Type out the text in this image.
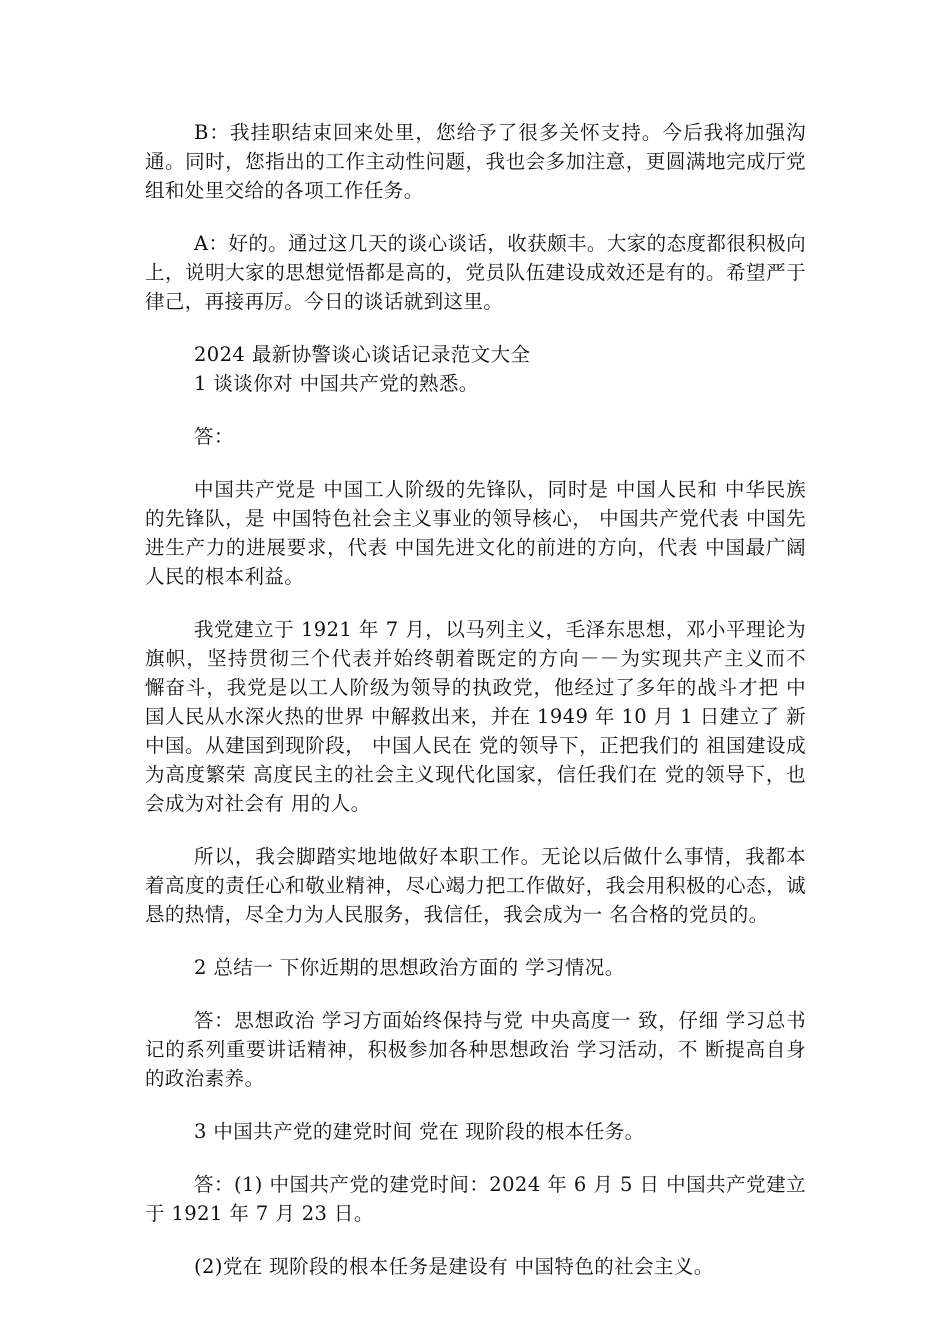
B：我挂职结束回来处里，您给予了很多关怀支持。今后我将加强沟通。同时，您指出的工作主动性问题，我也会多加注意，更圆满地完成厅党组和处里交给的各项工作任务。

A：好的。通过这几天的谈心谈话，收获颇丰。大家的态度都很积极向上，说明大家的思想觉悟都是高的，党员队伍建设成效还是有的。希望严于律己，再接再厉。今日的谈话就到这里。

2024 最新协警谈心谈话记录范文大全

1 谈谈你对 中国共产党的熟悉。

答：

中国共产党是 中国工人阶级的先锋队，同时是 中国人民和 中华民族的先锋队，是 中国特色社会主义事业的领导核心， 中国共产党代表 中国先进生产力的进展要求，代表 中国先进文化的前进的方向，代表 中国最广阔人民的根本利益。

我党建立于 1921 年 7 月，以马列主义，毛泽东思想，邓小平理论为旗帜，坚持贯彻三个代表并始终朝着既定的方向－－为实现共产主义而不 懈奋斗，我党是以工人阶级为领导的执政党，他经过了多年的战斗才把 中国人民从水深火热的世界 中解救出来，并在 1949 年 10 月 1 日建立了 新 中国。从建国到现阶段， 中国人民在 党的领导下，正把我们的 祖国建设成为高度繁荣 高度民主的社会主义现代化国家，信任我们在 党的领导下，也会成为对社会有 用的人。

所以，我会脚踏实地地做好本职工作。无论以后做什么事情，我都本着高度的责任心和敬业精神，尽心竭力把工作做好，我会用积极的心态，诚恳的热情，尽全力为人民服务，我信任，我会成为一 名合格的党员的。

2 总结一 下你近期的思想政治方面的 学习情况。

答：思想政治 学习方面始终保持与党 中央高度一 致，仔细 学习总书记的系列重要讲话精神，积极参加各种思想政治 学习活动，不 断提高自身的政治素养。

3 中国共产党的建党时间 党在 现阶段的根本任务。

答：(1) 中国共产党的建党时间：2024 年 6 月 5 日 中国共产党建立于 1921 年 7 月 23 日。

(2)党在 现阶段的根本任务是建设有 中国特色的社会主义。
